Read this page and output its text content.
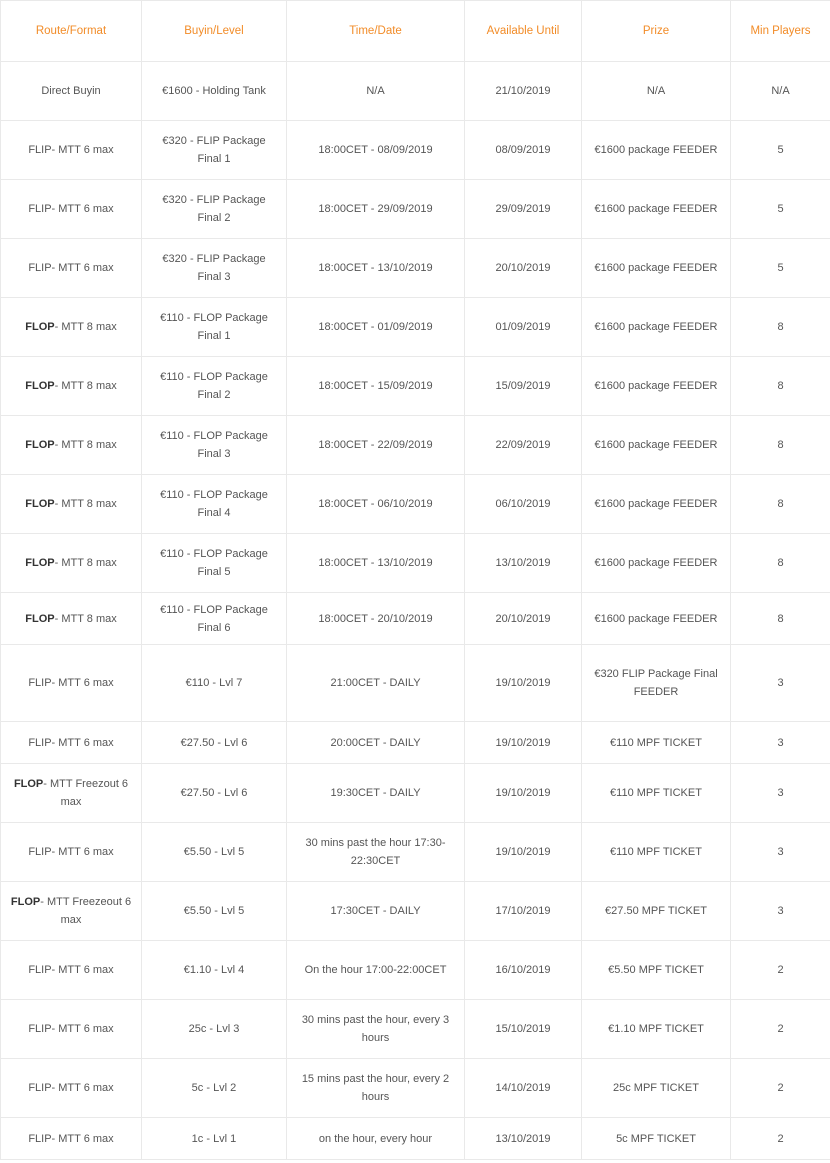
Route/Format	Buyin/Level	Time/Date	Available Until	Prize	Min Players
Direct Buyin	€1600 - Holding Tank	N/A	21/10/2019	N/A	N/A
FLIP- MTT 6 max	€320 - FLIP Package Final 1	18:00CET - 08/09/2019	08/09/2019	€1600 package FEEDER	5
FLIP- MTT 6 max	€320 - FLIP Package Final 2	18:00CET - 29/09/2019	29/09/2019	€1600 package FEEDER	5
FLIP- MTT 6 max	€320 - FLIP Package Final 3	18:00CET - 13/10/2019	20/10/2019	€1600 package FEEDER	5
FLOP- MTT 8 max	€110 - FLOP Package Final 1	18:00CET - 01/09/2019	01/09/2019	€1600 package FEEDER	8
FLOP- MTT 8 max	€110 - FLOP Package Final 2	18:00CET - 15/09/2019	15/09/2019	€1600 package FEEDER	8
FLOP- MTT 8 max	€110 - FLOP Package Final 3	18:00CET - 22/09/2019	22/09/2019	€1600 package FEEDER	8
FLOP- MTT 8 max	€110 - FLOP Package Final 4	18:00CET - 06/10/2019	06/10/2019	€1600 package FEEDER	8
FLOP- MTT 8 max	€110 - FLOP Package Final 5	18:00CET - 13/10/2019	13/10/2019	€1600 package FEEDER	8
FLOP- MTT 8 max	€110 - FLOP Package Final 6	18:00CET - 20/10/2019	20/10/2019	€1600 package FEEDER	8
FLIP- MTT 6 max	€110 - Lvl 7	21:00CET - DAILY	19/10/2019	€320 FLIP Package Final FEEDER	3
FLIP- MTT 6 max	€27.50 - Lvl 6	20:00CET - DAILY	19/10/2019	€110 MPF TICKET	3
FLOP- MTT Freezout 6 max	€27.50 - Lvl 6	19:30CET - DAILY	19/10/2019	€110 MPF TICKET	3
FLIP- MTT 6 max	€5.50 - Lvl 5	30 mins past the hour 17:30-22:30CET	19/10/2019	€110 MPF TICKET	3
FLOP- MTT Freezeout 6 max	€5.50 - Lvl 5	17:30CET - DAILY	17/10/2019	€27.50 MPF TICKET	3
FLIP- MTT 6 max	€1.10 - Lvl 4	On the hour 17:00-22:00CET	16/10/2019	€5.50 MPF TICKET	2
FLIP- MTT 6 max	25c - Lvl 3	30 mins past the hour, every 3 hours	15/10/2019	€1.10 MPF TICKET	2
FLIP- MTT 6 max	5c - Lvl 2	15 mins past the hour, every 2 hours	14/10/2019	25c MPF TICKET	2
FLIP- MTT 6 max	1c - Lvl 1	on the hour, every hour	13/10/2019	5c MPF TICKET	2
